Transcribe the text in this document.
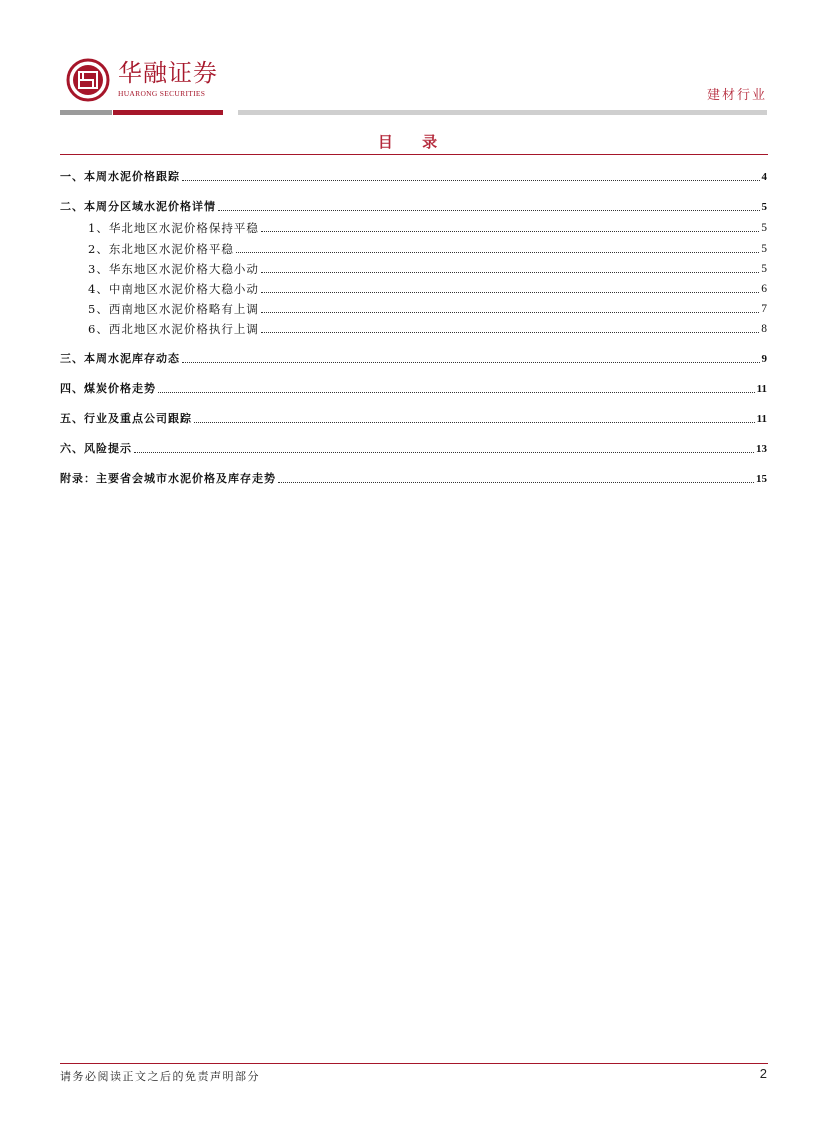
华融证券
HUARONG SECURITIES	建材行业
目 录
一、本周水泥价格跟踪	4
二、本周分区域水泥价格详情	5
1、华北地区水泥价格保持平稳	5
2、东北地区水泥价格平稳	5
3、华东地区水泥价格大稳小动	5
4、中南地区水泥价格大稳小动	6
5、西南地区水泥价格略有上调	7
6、西北地区水泥价格执行上调	8
三、本周水泥库存动态	9
四、煤炭价格走势	11
五、行业及重点公司跟踪	11
六、风险提示	13
附录：主要省会城市水泥价格及库存走势	15
请务必阅读正文之后的免责声明部分	2
